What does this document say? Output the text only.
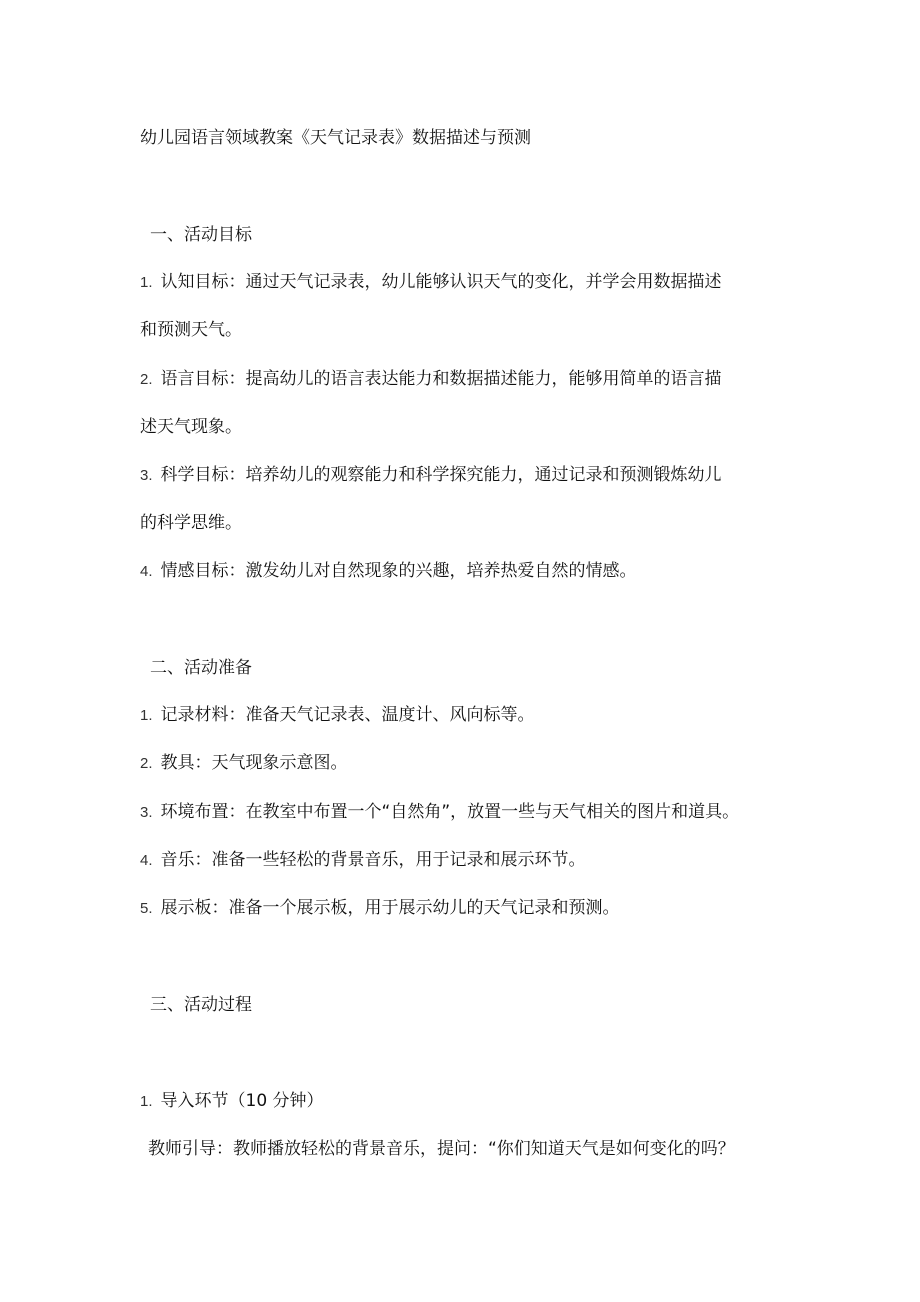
幼儿园语言领域教案《天气记录表》数据描述与预测
一、活动目标
1. 认知目标：通过天气记录表，幼儿能够认识天气的变化，并学会用数据描述
和预测天气。
2. 语言目标：提高幼儿的语言表达能力和数据描述能力，能够用简单的语言描
述天气现象。
3. 科学目标：培养幼儿的观察能力和科学探究能力，通过记录和预测锻炼幼儿
的科学思维。
4. 情感目标：激发幼儿对自然现象的兴趣，培养热爱自然的情感。
二、活动准备
1. 记录材料：准备天气记录表、温度计、风向标等。
2. 教具：天气现象示意图。
3. 环境布置：在教室中布置一个“自然角”，放置一些与天气相关的图片和道具。
4. 音乐：准备一些轻松的背景音乐，用于记录和展示环节。
5. 展示板：准备一个展示板，用于展示幼儿的天气记录和预测。
三、活动过程
1. 导入环节（10 分钟）
教师引导：教师播放轻松的背景音乐，提问：“你们知道天气是如何变化的吗？
